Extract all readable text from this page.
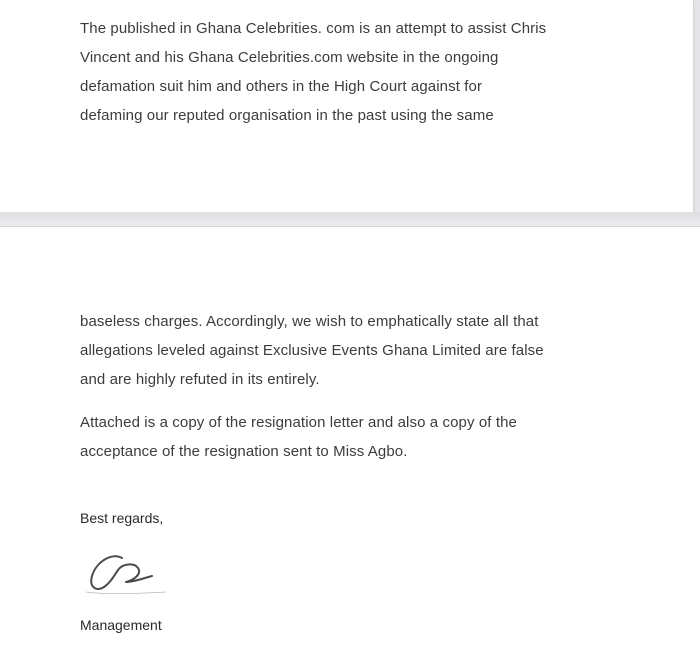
The published in Ghana Celebrities. com is an attempt to assist Chris
Vincent and his Ghana Celebrities.com website in the ongoing
defamation suit him and others in the High Court against for
defaming our reputed organisation in the past using the same

baseless charges. Accordingly, we wish to emphatically state all that
allegations leveled against Exclusive Events Ghana Limited are false
and are highly refuted in its entirely.

Attached is a copy of the resignation letter and also a copy of the
acceptance of the resignation sent to Miss Agbo.

Best regards,
Management
